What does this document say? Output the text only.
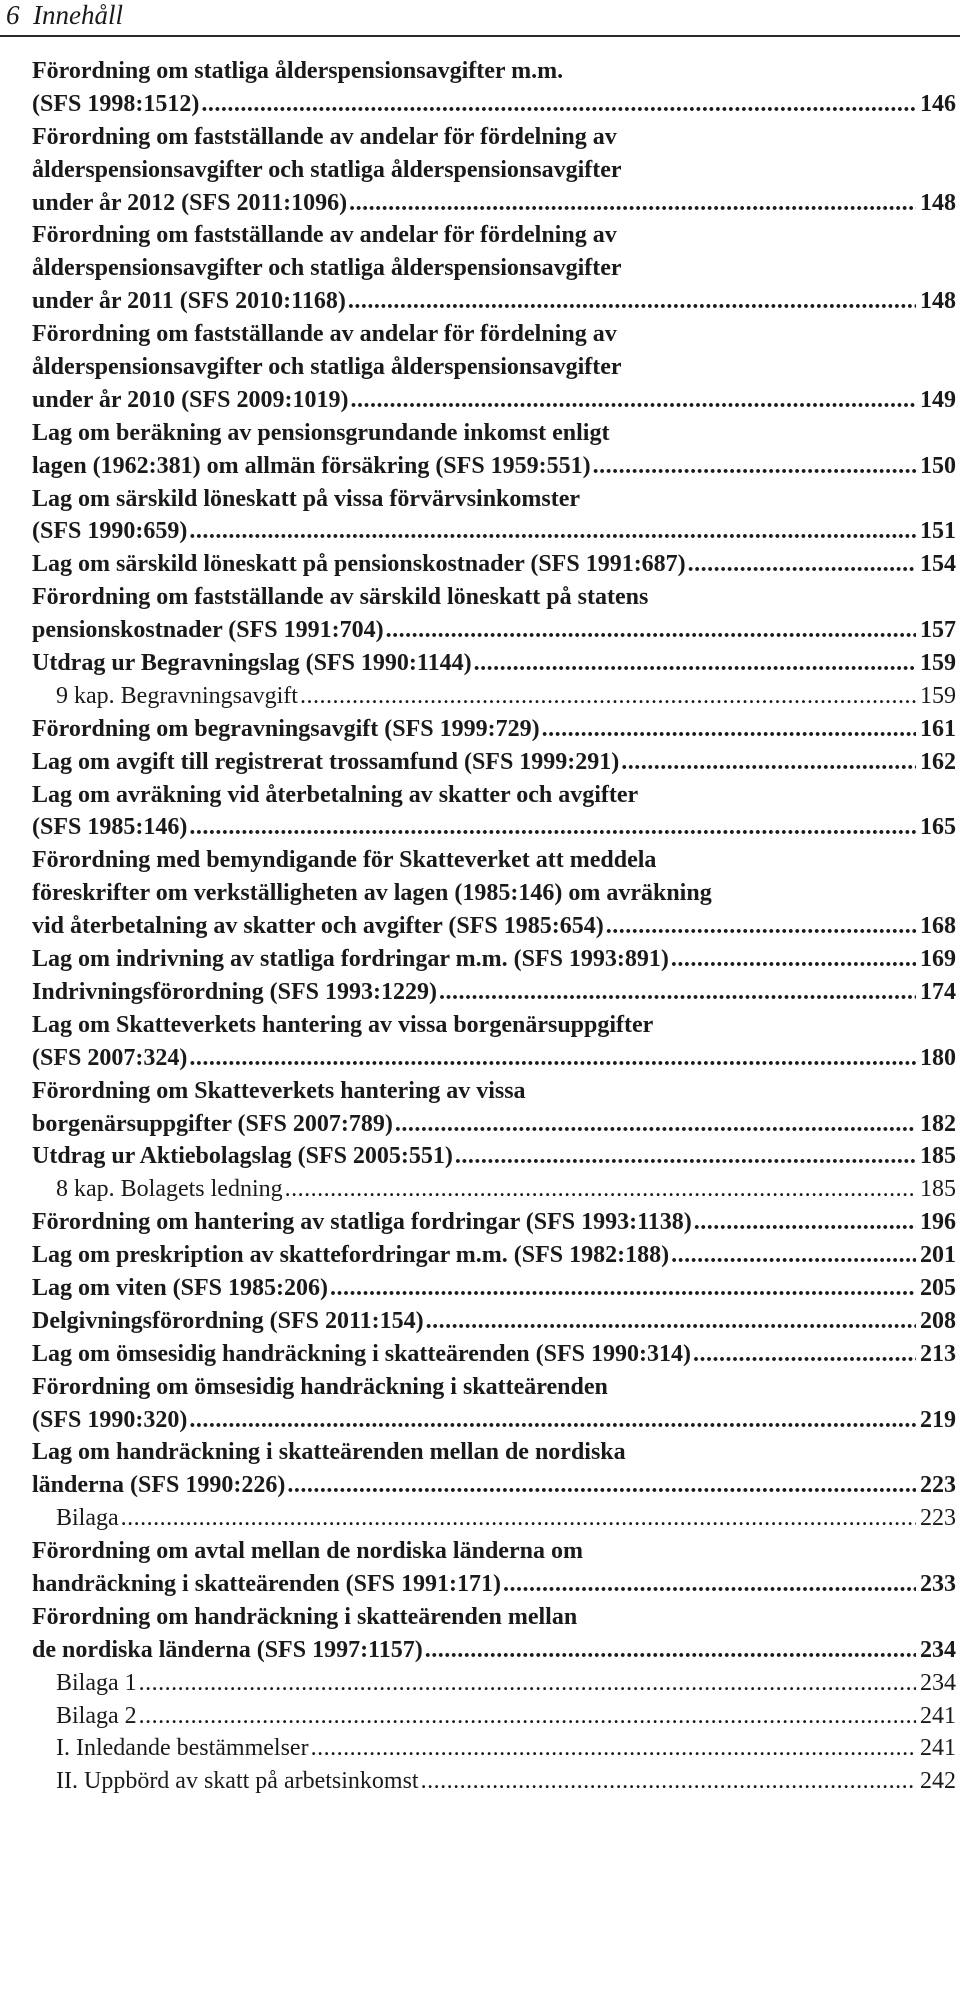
6 Innehåll
Förordning om statliga ålderspensionsavgifter m.m.
(SFS 1998:1512) .....	146
Förordning om fastställande av andelar för fördelning av
ålderspensionsavgifter och statliga ålderspensionsavgifter
under år 2012 (SFS 2011:1096) .....	148
Förordning om fastställande av andelar för fördelning av
ålderspensionsavgifter och statliga ålderspensionsavgifter
under år 2011 (SFS 2010:1168) .....	148
Förordning om fastställande av andelar för fördelning av
ålderspensionsavgifter och statliga ålderspensionsavgifter
under år 2010 (SFS 2009:1019) .....	149
Lag om beräkning av pensionsgrundande inkomst enligt
lagen (1962:381) om allmän försäkring (SFS 1959:551) .....	150
Lag om särskild löneskatt på vissa förvärvsinkomster
(SFS 1990:659) .....	151
Lag om särskild löneskatt på pensionskostnader (SFS 1991:687) .....	154
Förordning om fastställande av särskild löneskatt på statens
pensionskostnader (SFS 1991:704) .....	157
Utdrag ur Begravningslag (SFS 1990:1144) .....	159
9 kap. Begravningsavgift .....	159
Förordning om begravningsavgift (SFS 1999:729) .....	161
Lag om avgift till registrerat trossamfund (SFS 1999:291) .....	162
Lag om avräkning vid återbetalning av skatter och avgifter
(SFS 1985:146) .....	165
Förordning med bemyndigande för Skatteverket att meddela
föreskrifter om verkställigheten av lagen (1985:146) om avräkning
vid återbetalning av skatter och avgifter (SFS 1985:654) .....	168
Lag om indrivning av statliga fordringar m.m. (SFS 1993:891) .....	169
Indrivningsförordning (SFS 1993:1229) .....	174
Lag om Skatteverkets hantering av vissa borgenärsuppgifter
(SFS 2007:324) .....	180
Förordning om Skatteverkets hantering av vissa
borgenärsuppgifter (SFS 2007:789) .....	182
Utdrag ur Aktiebolagslag (SFS 2005:551) .....	185
8 kap. Bolagets ledning .....	185
Förordning om hantering av statliga fordringar (SFS 1993:1138) .....	196
Lag om preskription av skattefordringar m.m. (SFS 1982:188) .....	201
Lag om viten (SFS 1985:206) .....	205
Delgivningsförordning (SFS 2011:154) .....	208
Lag om ömsesidig handräckning i skatteärenden (SFS 1990:314) .....	213
Förordning om ömsesidig handräckning i skatteärenden
(SFS 1990:320) .....	219
Lag om handräckning i skatteärenden mellan de nordiska
länderna (SFS 1990:226) .....	223
Bilaga .....	223
Förordning om avtal mellan de nordiska länderna om
handräckning i skatteärenden (SFS 1991:171) .....	233
Förordning om handräckning i skatteärenden mellan
de nordiska länderna (SFS 1997:1157) .....	234
Bilaga 1 .....	234
Bilaga 2 .....	241
I. Inledande bestämmelser .....	241
II. Uppbörd av skatt på arbetsinkomst .....	242
